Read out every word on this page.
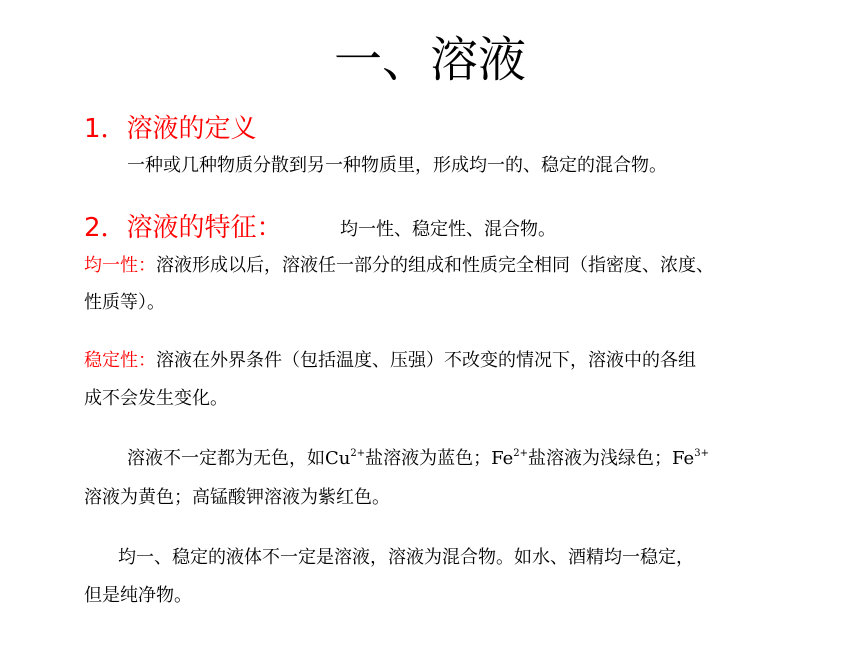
一、溶液
1．溶液的定义
一种或几种物质分散到另一种物质里，形成均一的、稳定的混合物。
2．溶液的特征：	均一性、稳定性、混合物。
均一性：溶液形成以后，溶液任一部分的组成和性质完全相同（指密度、浓度、
性质等）。
稳定性：溶液在外界条件（包括温度、压强）不改变的情况下，溶液中的各组
成不会发生变化。
溶液不一定都为无色，如$Cu^{2+}$盐溶液为蓝色；$Fe^{2+}$盐溶液为浅绿色；$Fe^{3+}$
溶液为黄色；高锰酸钾溶液为紫红色。
均一、稳定的液体不一定是溶液，溶液为混合物。如水、酒精均一稳定，
但是纯净物。
